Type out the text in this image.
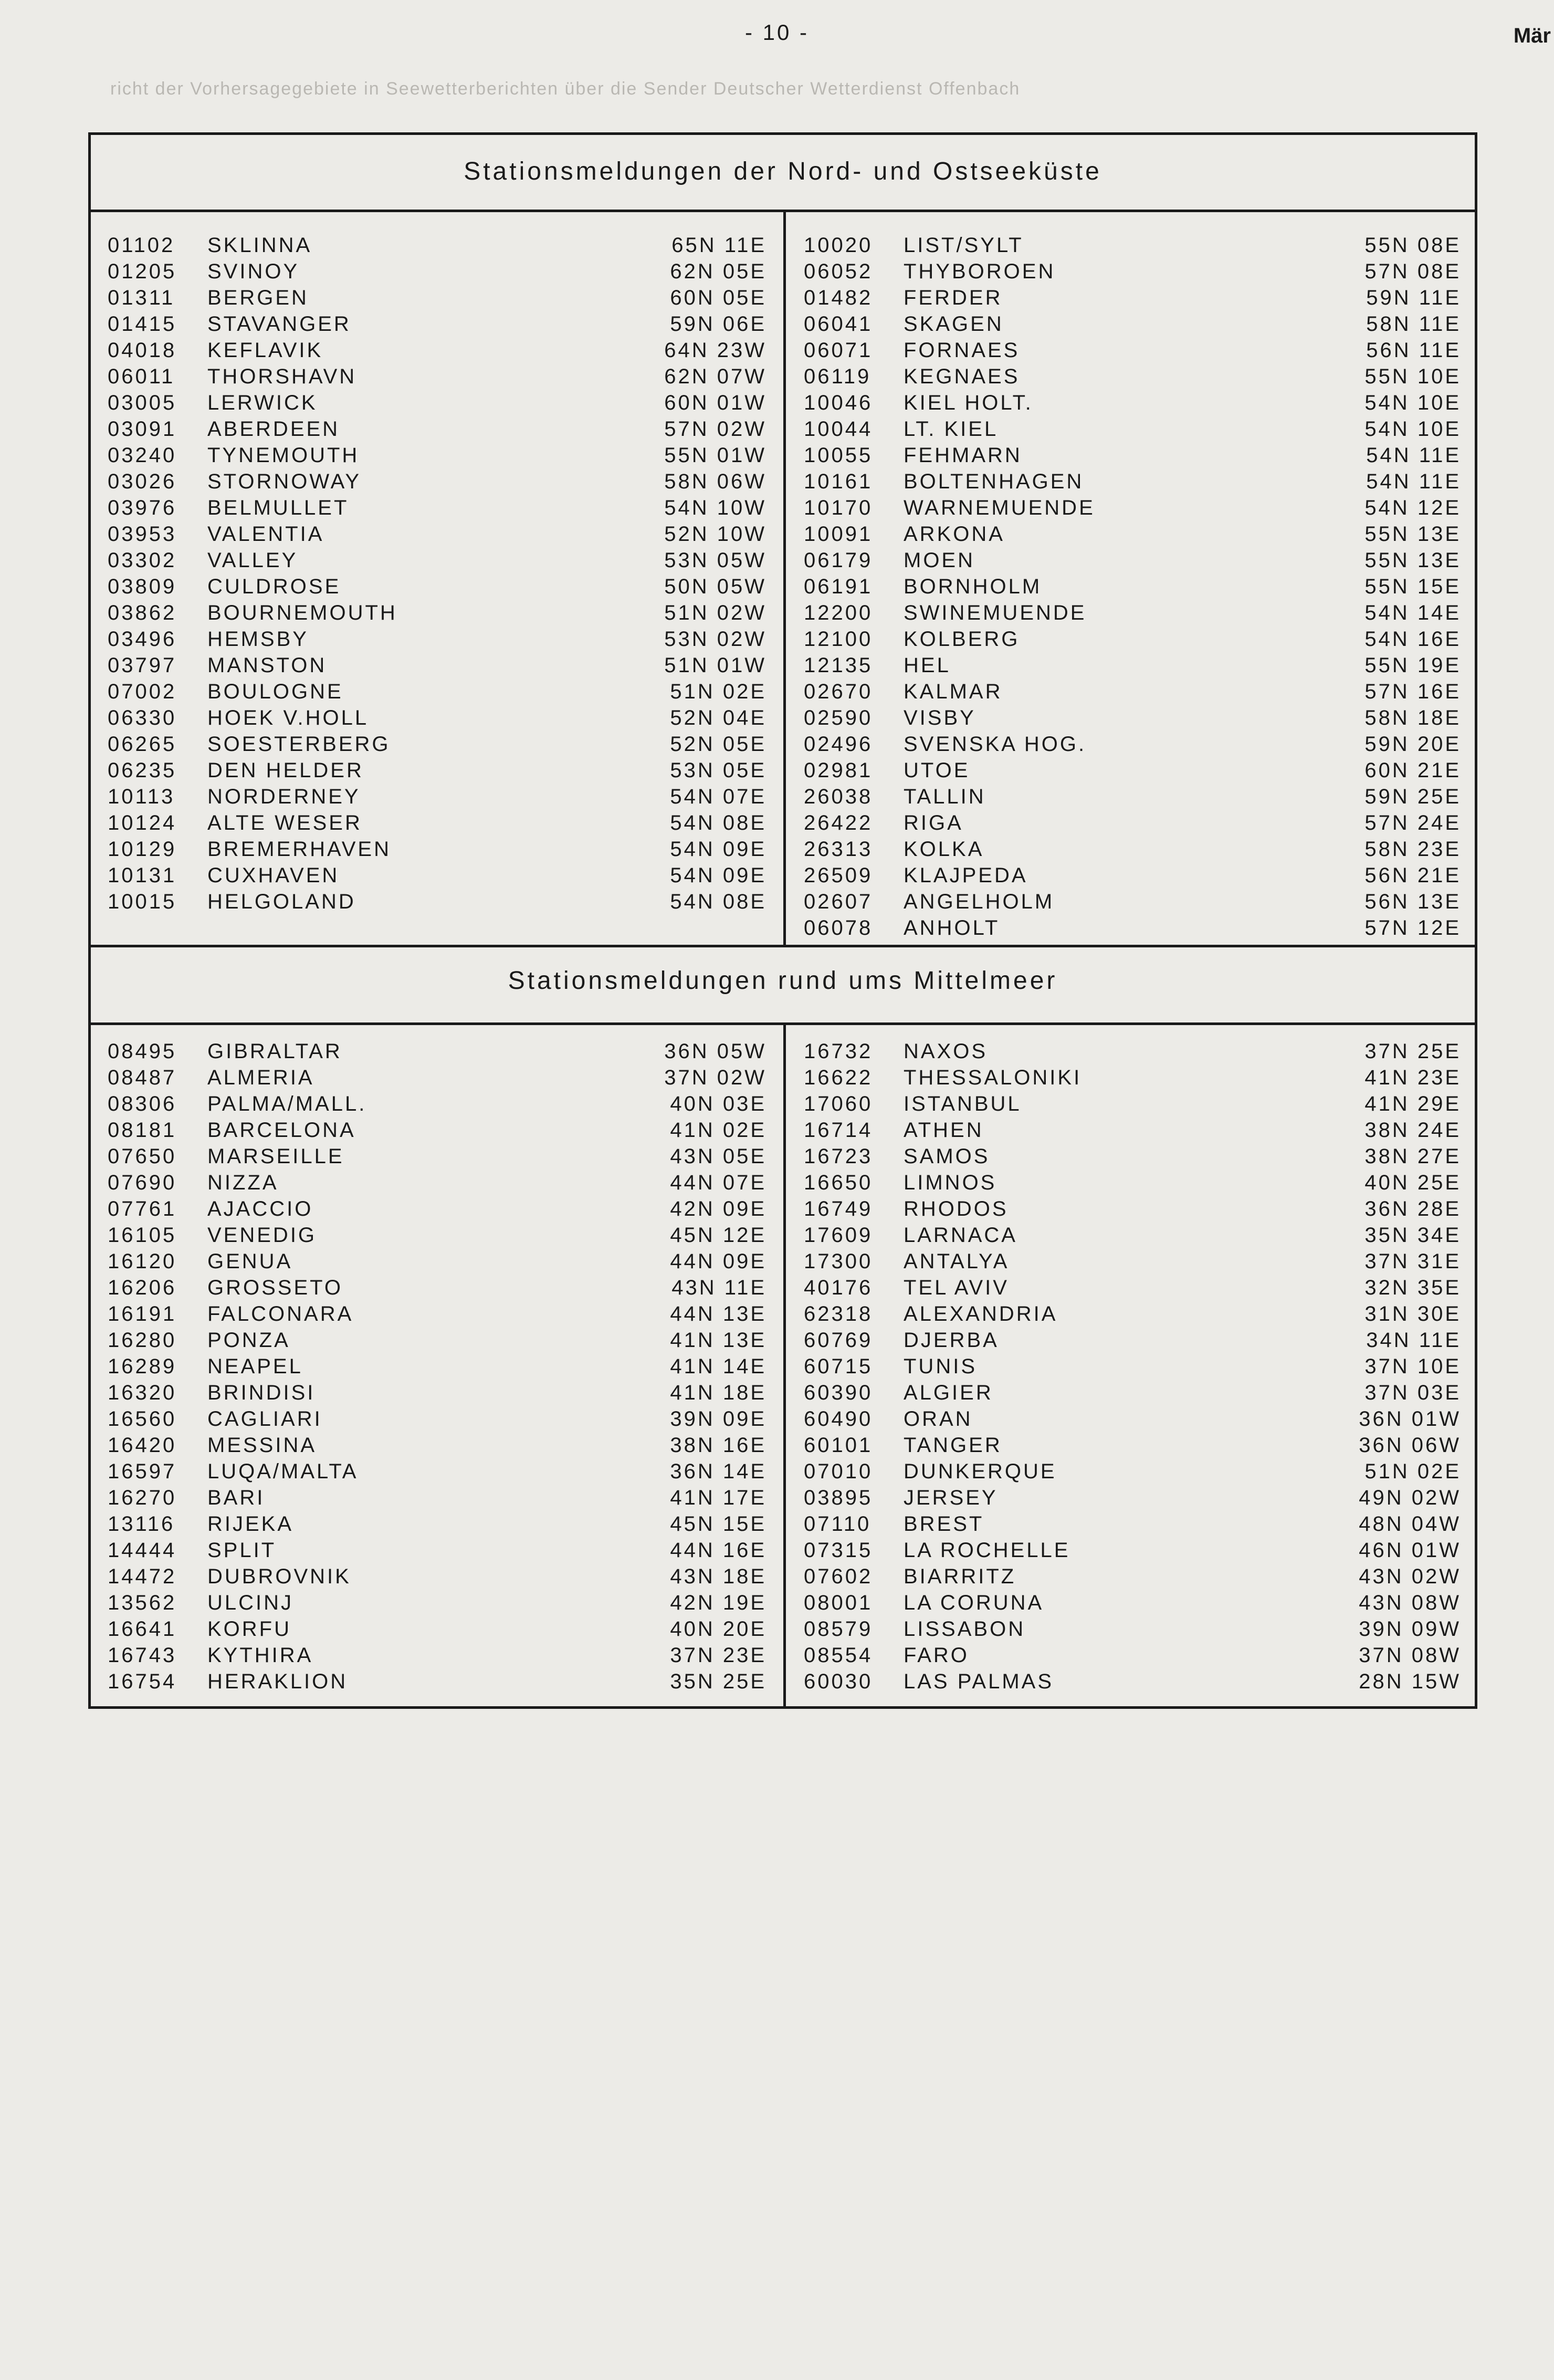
- 10 -	Mär
richt der Vorhersagegebiete in Seewetterberichten über die Sender Deutscher Wetterdienst Offenbach
Stationsmeldungen der Nord- und Ostseeküste
01102 SKLINNA	65N 11E
01205 SVINOY	62N 05E
01311 BERGEN	60N 05E
01415 STAVANGER	59N 06E
04018 KEFLAVIK	64N 23W
06011 THORSHAVN	62N 07W
03005 LERWICK	60N 01W
03091 ABERDEEN	57N 02W
03240 TYNEMOUTH	55N 01W
03026 STORNOWAY	58N 06W
03976 BELMULLET	54N 10W
03953 VALENTIA	52N 10W
03302 VALLEY	53N 05W
03809 CULDROSE	50N 05W
03862 BOURNEMOUTH	51N 02W
03496 HEMSBY	53N 02W
03797 MANSTON	51N 01W
07002 BOULOGNE	51N 02E
06330 HOEK V.HOLL	52N 04E
06265 SOESTERBERG	52N 05E
06235 DEN HELDER	53N 05E
10113 NORDERNEY	54N 07E
10124 ALTE WESER	54N 08E
10129 BREMERHAVEN	54N 09E
10131 CUXHAVEN	54N 09E
10015 HELGOLAND	54N 08E
10020 LIST/SYLT	55N 08E
06052 THYBOROEN	57N 08E
01482 FERDER	59N 11E
06041 SKAGEN	58N 11E
06071 FORNAES	56N 11E
06119 KEGNAES	55N 10E
10046 KIEL HOLT.	54N 10E
10044 LT. KIEL	54N 10E
10055 FEHMARN	54N 11E
10161 BOLTENHAGEN	54N 11E
10170 WARNEMUENDE	54N 12E
10091 ARKONA	55N 13E
06179 MOEN	55N 13E
06191 BORNHOLM	55N 15E
12200 SWINEMUENDE	54N 14E
12100 KOLBERG	54N 16E
12135 HEL	55N 19E
02670 KALMAR	57N 16E
02590 VISBY	58N 18E
02496 SVENSKA HOG.	59N 20E
02981 UTOE	60N 21E
26038 TALLIN	59N 25E
26422 RIGA	57N 24E
26313 KOLKA	58N 23E
26509 KLAJPEDA	56N 21E
02607 ANGELHOLM	56N 13E
06078 ANHOLT	57N 12E
Stationsmeldungen rund ums Mittelmeer
08495 GIBRALTAR	36N 05W
08487 ALMERIA	37N 02W
08306 PALMA/MALL.	40N 03E
08181 BARCELONA	41N 02E
07650 MARSEILLE	43N 05E
07690 NIZZA	44N 07E
07761 AJACCIO	42N 09E
16105 VENEDIG	45N 12E
16120 GENUA	44N 09E
16206 GROSSETO	43N 11E
16191 FALCONARA	44N 13E
16280 PONZA	41N 13E
16289 NEAPEL	41N 14E
16320 BRINDISI	41N 18E
16560 CAGLIARI	39N 09E
16420 MESSINA	38N 16E
16597 LUQA/MALTA	36N 14E
16270 BARI	41N 17E
13116 RIJEKA	45N 15E
14444 SPLIT	44N 16E
14472 DUBROVNIK	43N 18E
13562 ULCINJ	42N 19E
16641 KORFU	40N 20E
16743 KYTHIRA	37N 23E
16754 HERAKLION	35N 25E
16732 NAXOS	37N 25E
16622 THESSALONIKI	41N 23E
17060 ISTANBUL	41N 29E
16714 ATHEN	38N 24E
16723 SAMOS	38N 27E
16650 LIMNOS	40N 25E
16749 RHODOS	36N 28E
17609 LARNACA	35N 34E
17300 ANTALYA	37N 31E
40176 TEL AVIV	32N 35E
62318 ALEXANDRIA	31N 30E
60769 DJERBA	34N 11E
60715 TUNIS	37N 10E
60390 ALGIER	37N 03E
60490 ORAN	36N 01W
60101 TANGER	36N 06W
07010 DUNKERQUE	51N 02E
03895 JERSEY	49N 02W
07110 BREST	48N 04W
07315 LA ROCHELLE	46N 01W
07602 BIARRITZ	43N 02W
08001 LA CORUNA	43N 08W
08579 LISSABON	39N 09W
08554 FARO	37N 08W
60030 LAS PALMAS	28N 15W
